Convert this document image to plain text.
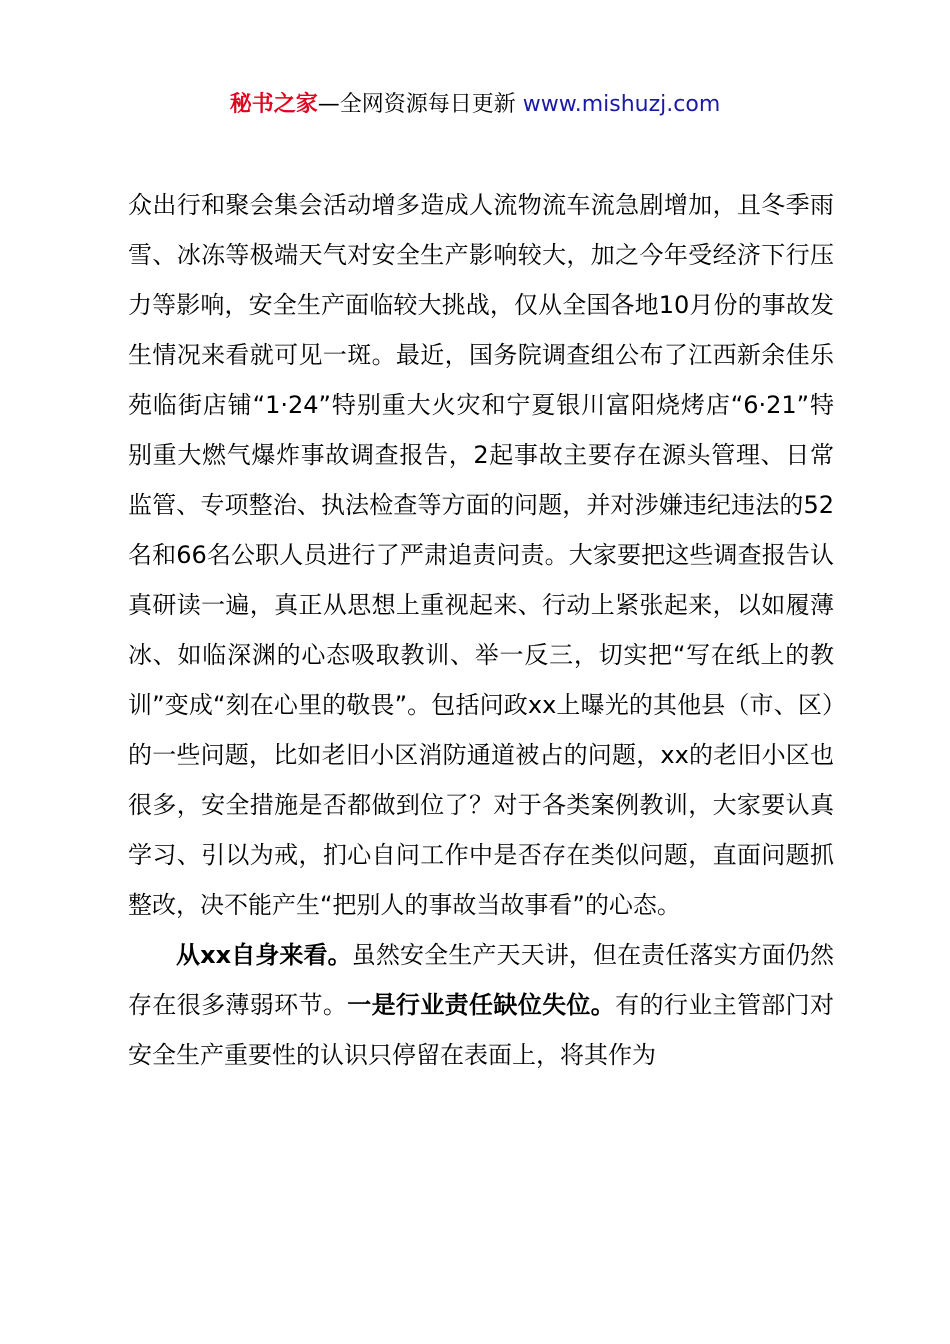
秘书之家—全网资源每日更新 www.mishuzj.com

众出行和聚会集会活动增多造成人流物流车流急剧增加，且冬季雨雪、冰冻等极端天气对安全生产影响较大，加之今年受经济下行压力等影响，安全生产面临较大挑战，仅从全国各地10月份的事故发生情况来看就可见一斑。最近，国务院调查组公布了江西新余佳乐苑临街店铺“1·24”特别重大火灾和宁夏银川富阳烧烤店“6·21”特别重大燃气爆炸事故调查报告，2起事故主要存在源头管理、日常监管、专项整治、执法检查等方面的问题，并对涉嫌违纪违法的52名和66名公职人员进行了严肃追责问责。大家要把这些调查报告认真研读一遍，真正从思想上重视起来、行动上紧张起来，以如履薄冰、如临深渊的心态吸取教训、举一反三，切实把“写在纸上的教训”变成“刻在心里的敬畏”。包括问政xx上曝光的其他县（市、区）的一些问题，比如老旧小区消防通道被占的问题，xx的老旧小区也很多，安全措施是否都做到位了？对于各类案例教训，大家要认真学习、引以为戒，扪心自问工作中是否存在类似问题，直面问题抓整改，决不能产生“把别人的事故当故事看”的心态。

从xx自身来看。虽然安全生产天天讲，但在责任落实方面仍然存在很多薄弱环节。一是行业责任缺位失位。有的行业主管部门对安全生产重要性的认识只停留在表面上，将其作为
